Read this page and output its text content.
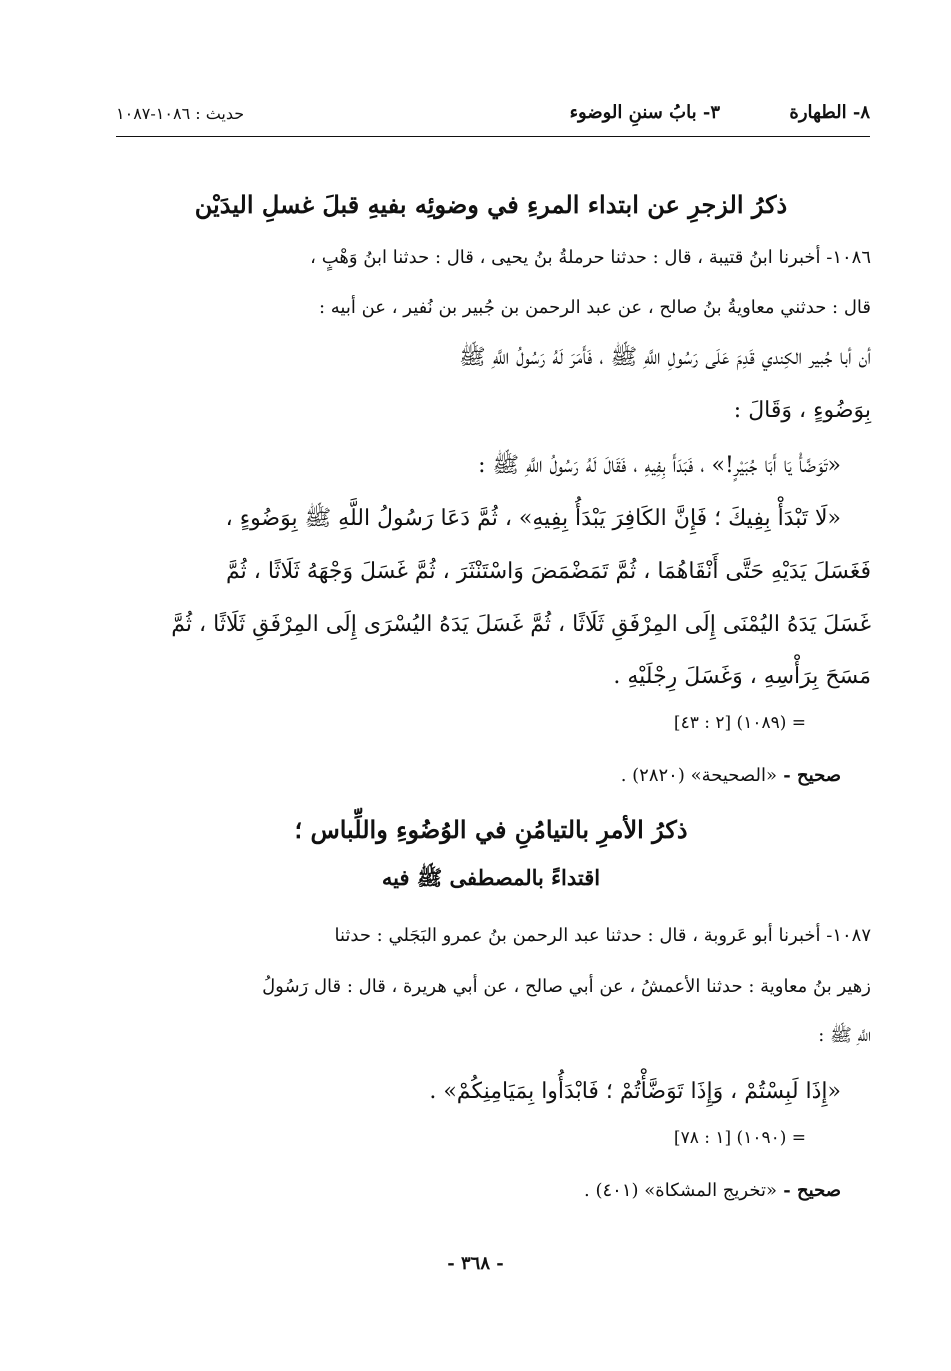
٨- الطهارة
٣- بابُ سننِ الوضوء
حديث : ١٠٨٦-١٠٨٧
ذكرُ الزجرِ عن ابتداء المرءِ في وضوئِه بفيهِ قبلَ غسلِ اليدَيْن
١٠٨٦- أخبرنا ابنُ قتيبة ، قال : حدثنا حرملةُ بنُ يحيى ، قال : حدثنا ابنُ وَهْبٍ ،
قال : حدثني معاويةُ بنُ صالح ، عن عبد الرحمن بن جُبير بن نُفير ، عن أبيه :
أن أبا جُبير الكِندي قَدِمَ عَلَى رَسُولِ اللَّهِ ﷺ ، فَأَمَرَ لَهُ رَسُولُ اللَّهِ ﷺ
بِوَضُوءٍ ، وَقَالَ :
«تَوَضَّأْ يَا أَبَا جُبَيْرٍ!» ، فَبَدَأَ بِفِيهِ ، فَقَالَ لَهُ رَسُولُ اللَّهِ ﷺ :
«لَا تَبْدَأْ بِفِيكَ ؛ فَإِنَّ الكَافِرَ يَبْدَأُ بِفِيهِ» ، ثُمَّ دَعَا رَسُولُ اللَّهِ ﷺ بِوَضُوءٍ ،
فَغَسَلَ يَدَيْهِ حَتَّى أَنْقَاهُمَا ، ثُمَّ تَمَضْمَضَ وَاسْتَنْثَرَ ، ثُمَّ غَسَلَ وَجْهَهُ ثَلَاثًا ، ثُمَّ
غَسَلَ يَدَهُ اليُمْنَى إِلَى المِرْفَقِ ثَلَاثًا ، ثُمَّ غَسَلَ يَدَهُ اليُسْرَى إِلَى المِرْفَقِ ثَلَاثًا ، ثُمَّ
مَسَحَ بِرَأْسِهِ ، وَغَسَلَ رِجْلَيْهِ .
= (١٠٨٩) [٢ : ٤٣]
صحيح - «الصحيحة» (٢٨٢٠) .
ذكرُ الأمرِ بالتيامُنِ في الوُضُوءِ واللِّباس ؛
اقتداءً بالمصطفى ﷺ فيه
١٠٨٧- أخبرنا أبو عَروبة ، قال : حدثنا عبد الرحمن بنُ عمرو البَجَلي : حدثنا
زهير بنُ معاوية : حدثنا الأعمشُ ، عن أبي صالح ، عن أبي هريرة ، قال : قال رَسُولُ
اللَّهِ ﷺ :
«إِذَا لَبِسْتُمْ ، وَإِذَا تَوَضَّأْتُمْ ؛ فَابْدَأُوا بِمَيَامِنِكُمْ» .
= (١٠٩٠) [١ : ٧٨]
صحيح - «تخريج المشكاة» (٤٠١) .
- ٣٦٨ -
